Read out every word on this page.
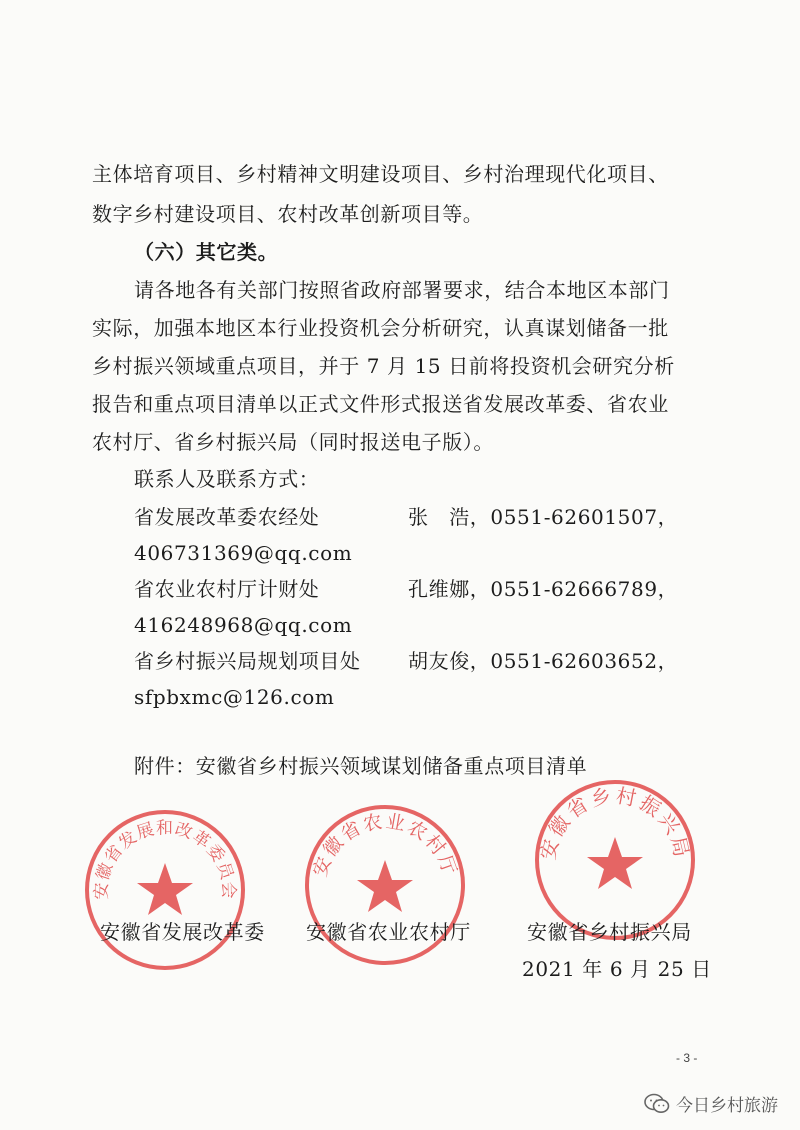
主体培育项目、乡村精神文明建设项目、乡村治理现代化项目、
数字乡村建设项目、农村改革创新项目等。
（六）其它类。
请各地各有关部门按照省政府部署要求，结合本地区本部门
实际，加强本地区本行业投资机会分析研究，认真谋划储备一批
乡村振兴领域重点项目，并于 7 月 15 日前将投资机会研究分析
报告和重点项目清单以正式文件形式报送省发展改革委、省农业
农村厅、省乡村振兴局（同时报送电子版）。
联系人及联系方式：
省发展改革委农经处	张　浩，0551-62601507，
406731369@qq.com
省农业农村厅计财处	孔维娜，0551-62666789，
416248968@qq.com
省乡村振兴局规划项目处 胡友俊，0551-62603652，
sfpbxmc@126.com
附件：安徽省乡村振兴领域谋划储备重点项目清单
安徽省发展和改革委员会
安徽省农业农村厅
安徽省乡村振兴局
安徽省发展改革委 安徽省农业农村厅	安徽省乡村振兴局
2021 年 6 月 25 日
- 3 -
今日乡村旅游
